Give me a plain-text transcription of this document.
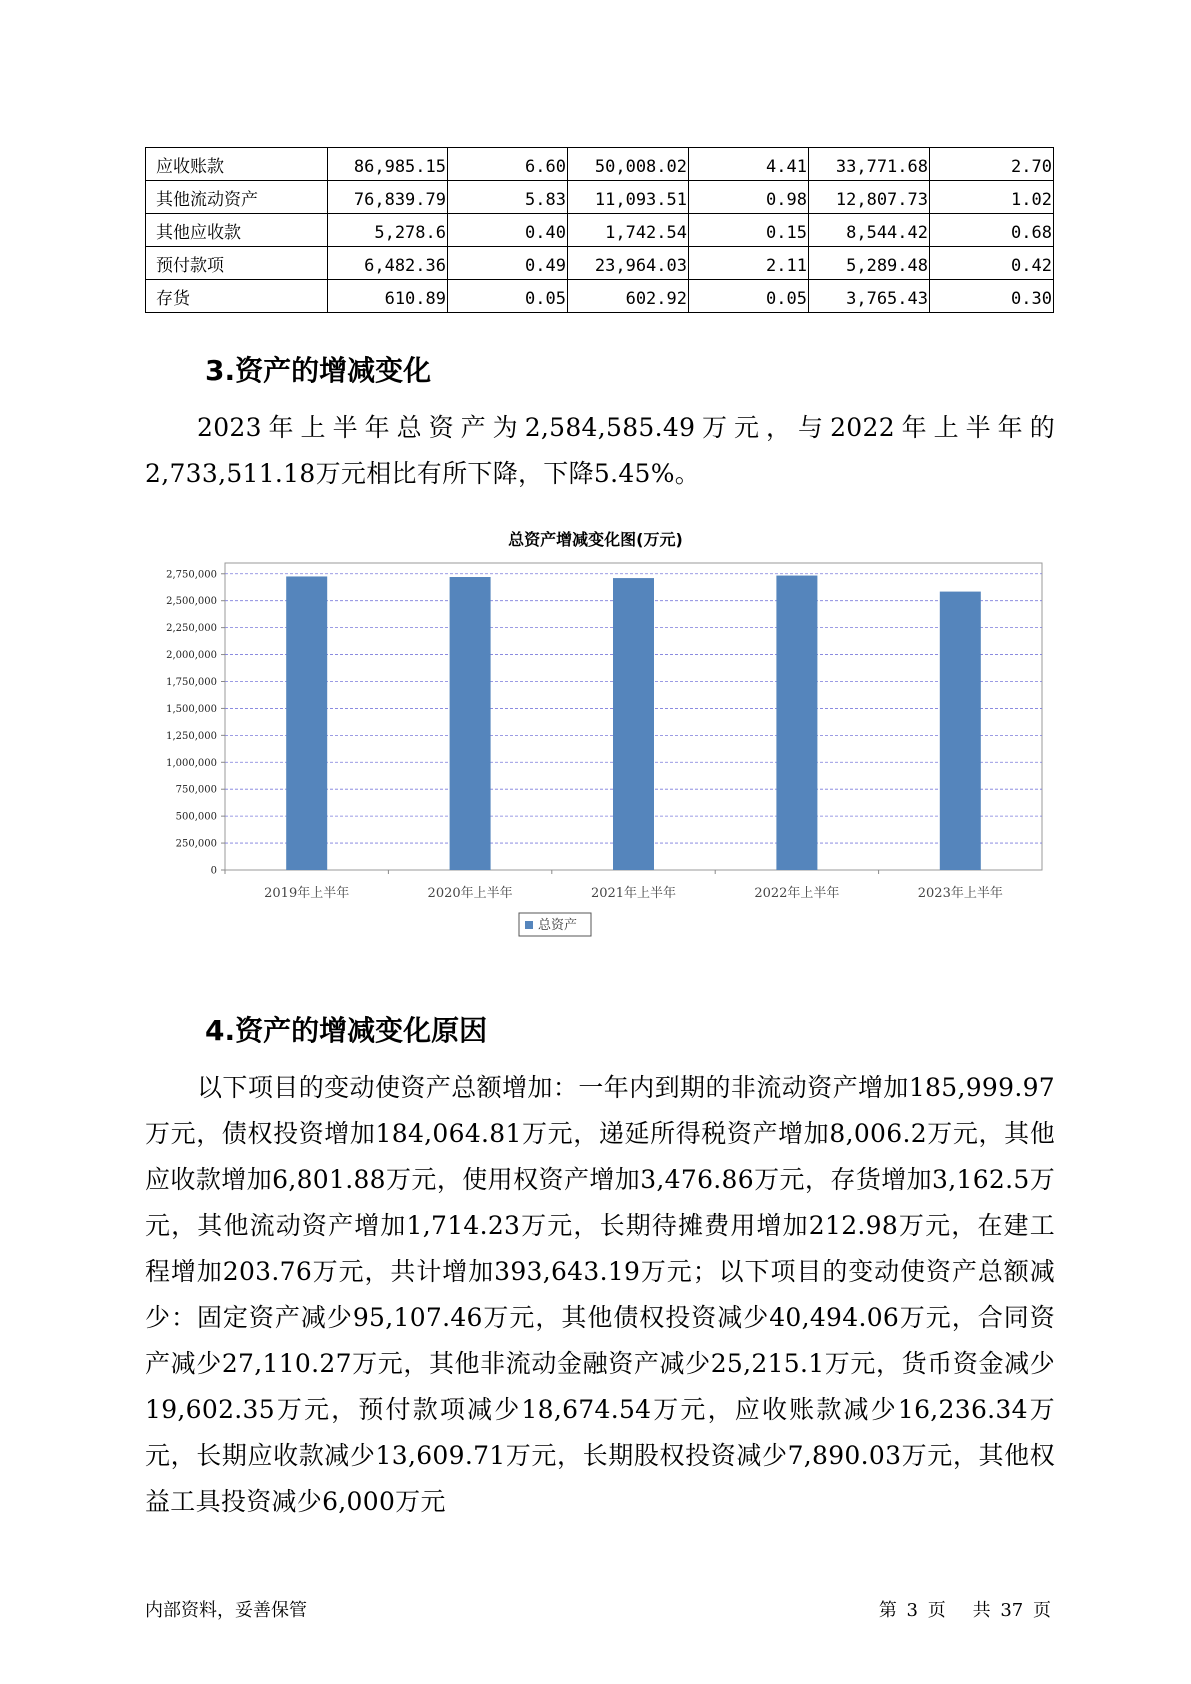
应收账款	86,985.15	6.60	50,008.02	4.41	33,771.68	2.70
其他流动资产	76,839.79	5.83	11,093.51	0.98	12,807.73	1.02
其他应收款	5,278.6	0.40	1,742.54	0.15	8,544.42	0.68
预付款项	6,482.36	0.49	23,964.03	2.11	5,289.48	0.42
存货	610.89	0.05	602.92	0.05	3,765.43	0.30
3.资产的增减变化

2023年上半年总资产为2,584,585.49万元，与2022年上半年的2,733,511.18万元相比有所下降，下降5.45%。

总资产增减变化图(万元)
0
250,000
500,000
750,000
1,000,000
1,250,000
1,500,000
1,750,000
2,000,000
2,250,000
2,500,000
2,750,000
2019年上半年	2020年上半年	2021年上半年	2022年上半年	2023年上半年
总资产
4.资产的增减变化原因

以下项目的变动使资产总额增加：一年内到期的非流动资产增加185,999.97万元，债权投资增加184,064.81万元，递延所得税资产增加8,006.2万元，其他应收款增加6,801.88万元，使用权资产增加3,476.86万元，存货增加3,162.5万元，其他流动资产增加1,714.23万元，长期待摊费用增加212.98万元，在建工程增加203.76万元，共计增加393,643.19万元；以下项目的变动使资产总额减少：固定资产减少95,107.46万元，其他债权投资减少40,494.06万元，合同资产减少27,110.27万元，其他非流动金融资产减少25,215.1万元，货币资金减少19,602.35万元，预付款项减少18,674.54万元，应收账款减少16,236.34万元，长期应收款减少13,609.71万元，长期股权投资减少7,890.03万元，其他权益工具投资减少6,000万元

内部资料，妥善保管	第 3 页 共 37 页
